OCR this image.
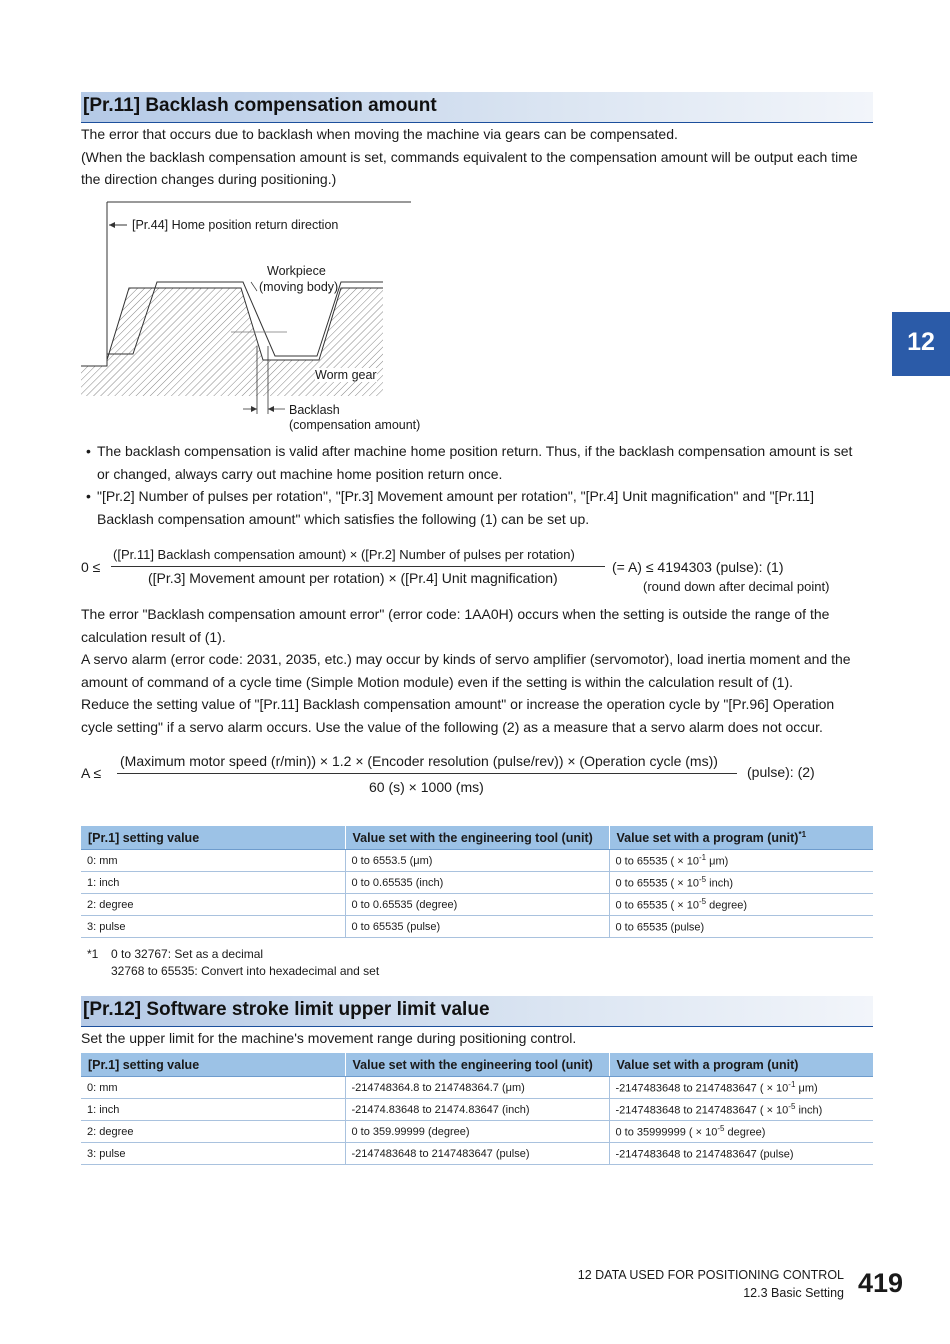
12
[Pr.11] Backlash compensation amount
The error that occurs due to backlash when moving the machine via gears can be compensated.
(When the backlash compensation amount is set, commands equivalent to the compensation amount will be output each time
the direction changes during positioning.)
[Pr.44] Home position return direction
Workpiece
(moving body)
Worm gear
Backlash
(compensation amount)
• The backlash compensation is valid after machine home position return. Thus, if the backlash compensation amount is set
or changed, always carry out machine home position return once.
• "[Pr.2] Number of pulses per rotation", "[Pr.3] Movement amount per rotation", "[Pr.4] Unit magnification" and "[Pr.11]
Backlash compensation amount" which satisfies the following (1) can be set up.
0 ≤
([Pr.11] Backlash compensation amount) × ([Pr.2] Number of pulses per rotation)
([Pr.3] Movement amount per rotation) × ([Pr.4] Unit magnification)
(= A) ≤ 4194303 (pulse): (1)
(round down after decimal point)
The error "Backlash compensation amount error" (error code: 1AA0H) occurs when the setting is outside the range of the
calculation result of (1).
A servo alarm (error code: 2031, 2035, etc.) may occur by kinds of servo amplifier (servomotor), load inertia moment and the
amount of command of a cycle time (Simple Motion module) even if the setting is within the calculation result of (1).
Reduce the setting value of "[Pr.11] Backlash compensation amount" or increase the operation cycle by "[Pr.96] Operation
cycle setting" if a servo alarm occurs. Use the value of the following (2) as a measure that a servo alarm does not occur.
A ≤
(Maximum motor speed (r/min)) × 1.2 × (Encoder resolution (pulse/rev)) × (Operation cycle (ms))
60 (s) × 1000 (ms)
(pulse): (2)
[Pr.1] setting value	Value set with the engineering tool (unit)	Value set with a program (unit)$^{*1}$
0: mm	0 to 6553.5 (μm)	0 to 65535 ( × $10^{-1}$ μm)
1: inch	0 to 0.65535 (inch)	0 to 65535 ( × $10^{-5}$ inch)
2: degree	0 to 0.65535 (degree)	0 to 65535 ( × $10^{-5}$ degree)
3: pulse	0 to 65535 (pulse)	0 to 65535 (pulse)
*1 0 to 32767: Set as a decimal
32768 to 65535: Convert into hexadecimal and set
[Pr.12] Software stroke limit upper limit value
Set the upper limit for the machine's movement range during positioning control.
[Pr.1] setting value	Value set with the engineering tool (unit)	Value set with a program (unit)
0: mm	-214748364.8 to 214748364.7 (μm)	-2147483648 to 2147483647 ( × $10^{-1}$ μm)
1: inch	-21474.83648 to 21474.83647 (inch)	-2147483648 to 2147483647 ( × $10^{-5}$ inch)
2: degree	0 to 359.99999 (degree)	0 to 35999999 ( × $10^{-5}$ degree)
3: pulse	-2147483648 to 2147483647 (pulse)	-2147483648 to 2147483647 (pulse)
12 DATA USED FOR POSITIONING CONTROL
12.3 Basic Setting 419
